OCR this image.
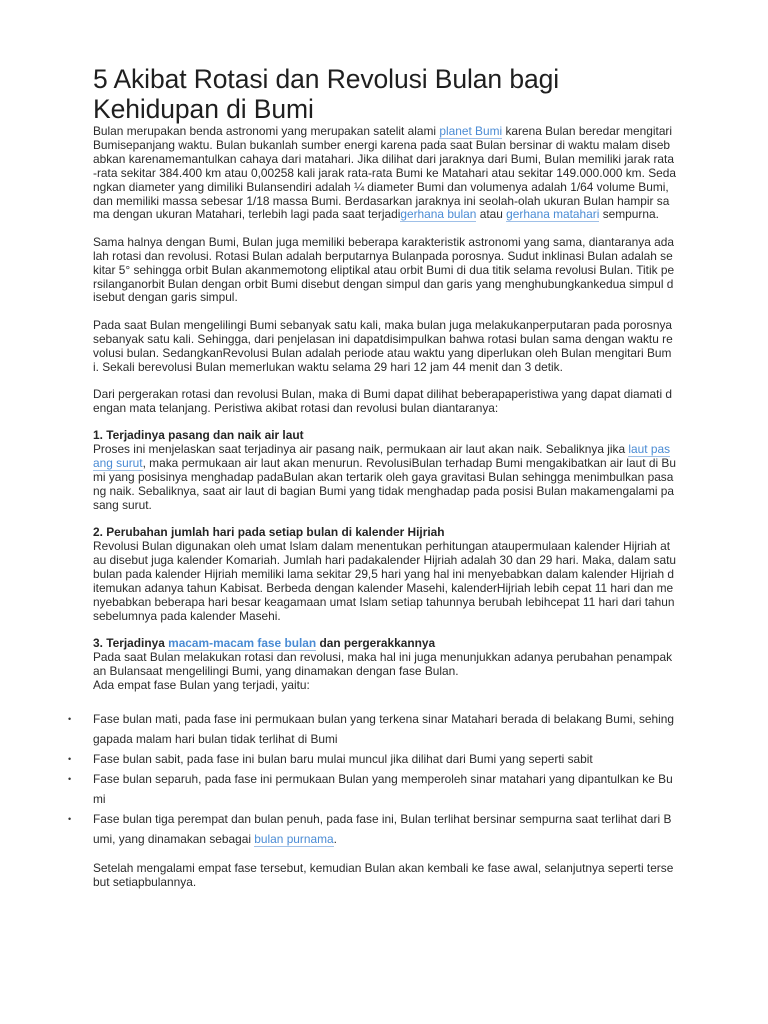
5 Akibat Rotasi dan Revolusi Bulan bagi Kehidupan di Bumi

Bulan merupakan benda astronomi yang merupakan satelit alami planet Bumi karena Bulan beredar mengitari Bumisepanjang waktu. Bulan bukanlah sumber energi karena pada saat Bulan bersinar di waktu malam disebabkan karenamemantulkan cahaya dari matahari. Jika dilihat dari jaraknya dari Bumi, Bulan memiliki jarak rata-rata sekitar 384.400 km atau 0,00258 kali jarak rata-rata Bumi ke Matahari atau sekitar 149.000.000 km. Sedangkan diameter yang dimiliki Bulansendiri adalah ¼ diameter Bumi dan volumenya adalah 1/64 volume Bumi, dan memiliki massa sebesar 1/18 massa Bumi. Berdasarkan jaraknya ini seolah-olah ukuran Bulan hampir sama dengan ukuran Matahari, terlebih lagi pada saat terjadigerhana bulan atau gerhana matahari sempurna.

Sama halnya dengan Bumi, Bulan juga memiliki beberapa karakteristik astronomi yang sama, diantaranya adalah rotasi dan revolusi. Rotasi Bulan adalah berputarnya Bulanpada porosnya. Sudut inklinasi Bulan adalah sekitar 5° sehingga orbit Bulan akanmemotong eliptikal atau orbit Bumi di dua titik selama revolusi Bulan. Titik persilanganorbit Bulan dengan orbit Bumi disebut dengan simpul dan garis yang menghubungkankedua simpul disebut dengan garis simpul.

Pada saat Bulan mengelilingi Bumi sebanyak satu kali, maka bulan juga melakukanperputaran pada porosnya sebanyak satu kali. Sehingga, dari penjelasan ini dapatdisimpulkan bahwa rotasi bulan sama dengan waktu revolusi bulan. SedangkanRevolusi Bulan adalah periode atau waktu yang diperlukan oleh Bulan mengitari Bumi. Sekali berevolusi Bulan memerlukan waktu selama 29 hari 12 jam 44 menit dan 3 detik.

Dari pergerakan rotasi dan revolusi Bulan, maka di Bumi dapat dilihat beberapaperistiwa yang dapat diamati dengan mata telanjang. Peristiwa akibat rotasi dan revolusi bulan diantaranya:

1. Terjadinya pasang dan naik air laut

Proses ini menjelaskan saat terjadinya air pasang naik, permukaan air laut akan naik. Sebaliknya jika laut pasang surut, maka permukaan air laut akan menurun. RevolusiBulan terhadap Bumi mengakibatkan air laut di Bumi yang posisinya menghadap padaBulan akan tertarik oleh gaya gravitasi Bulan sehingga menimbulkan pasang naik. Sebaliknya, saat air laut di bagian Bumi yang tidak menghadap pada posisi Bulan makamengalami pasang surut.

2. Perubahan jumlah hari pada setiap bulan di kalender Hijriah

Revolusi Bulan digunakan oleh umat Islam dalam menentukan perhitungan ataupermulaan kalender Hijriah atau disebut juga kalender Komariah. Jumlah hari padakalender Hijriah adalah 30 dan 29 hari. Maka, dalam satu bulan pada kalender Hijriah memiliki lama sekitar 29,5 hari yang hal ini menyebabkan dalam kalender Hijriah ditemukan adanya tahun Kabisat. Berbeda dengan kalender Masehi, kalenderHijriah lebih cepat 11 hari dan menyebabkan beberapa hari besar keagamaan umat Islam setiap tahunnya berubah lebihcepat 11 hari dari tahun sebelumnya pada kalender Masehi.

3. Terjadinya macam-macam fase bulan dan pergerakkannya

Pada saat Bulan melakukan rotasi dan revolusi, maka hal ini juga menunjukkan adanya perubahan penampakan Bulansaat mengelilingi Bumi, yang dinamakan dengan fase Bulan.

Ada empat fase Bulan yang terjadi, yaitu:

• Fase bulan mati, pada fase ini permukaan bulan yang terkena sinar Matahari berada di belakang Bumi, sehinggapada malam hari bulan tidak terlihat di Bumi
• Fase bulan sabit, pada fase ini bulan baru mulai muncul jika dilihat dari Bumi yang seperti sabit
• Fase bulan separuh, pada fase ini permukaan Bulan yang memperoleh sinar matahari yang dipantulkan ke Bumi
• Fase bulan tiga perempat dan bulan penuh, pada fase ini, Bulan terlihat bersinar sempurna saat terlihat dari Bumi, yang dinamakan sebagai bulan purnama.

Setelah mengalami empat fase tersebut, kemudian Bulan akan kembali ke fase awal, selanjutnya seperti tersebut setiapbulannya.
